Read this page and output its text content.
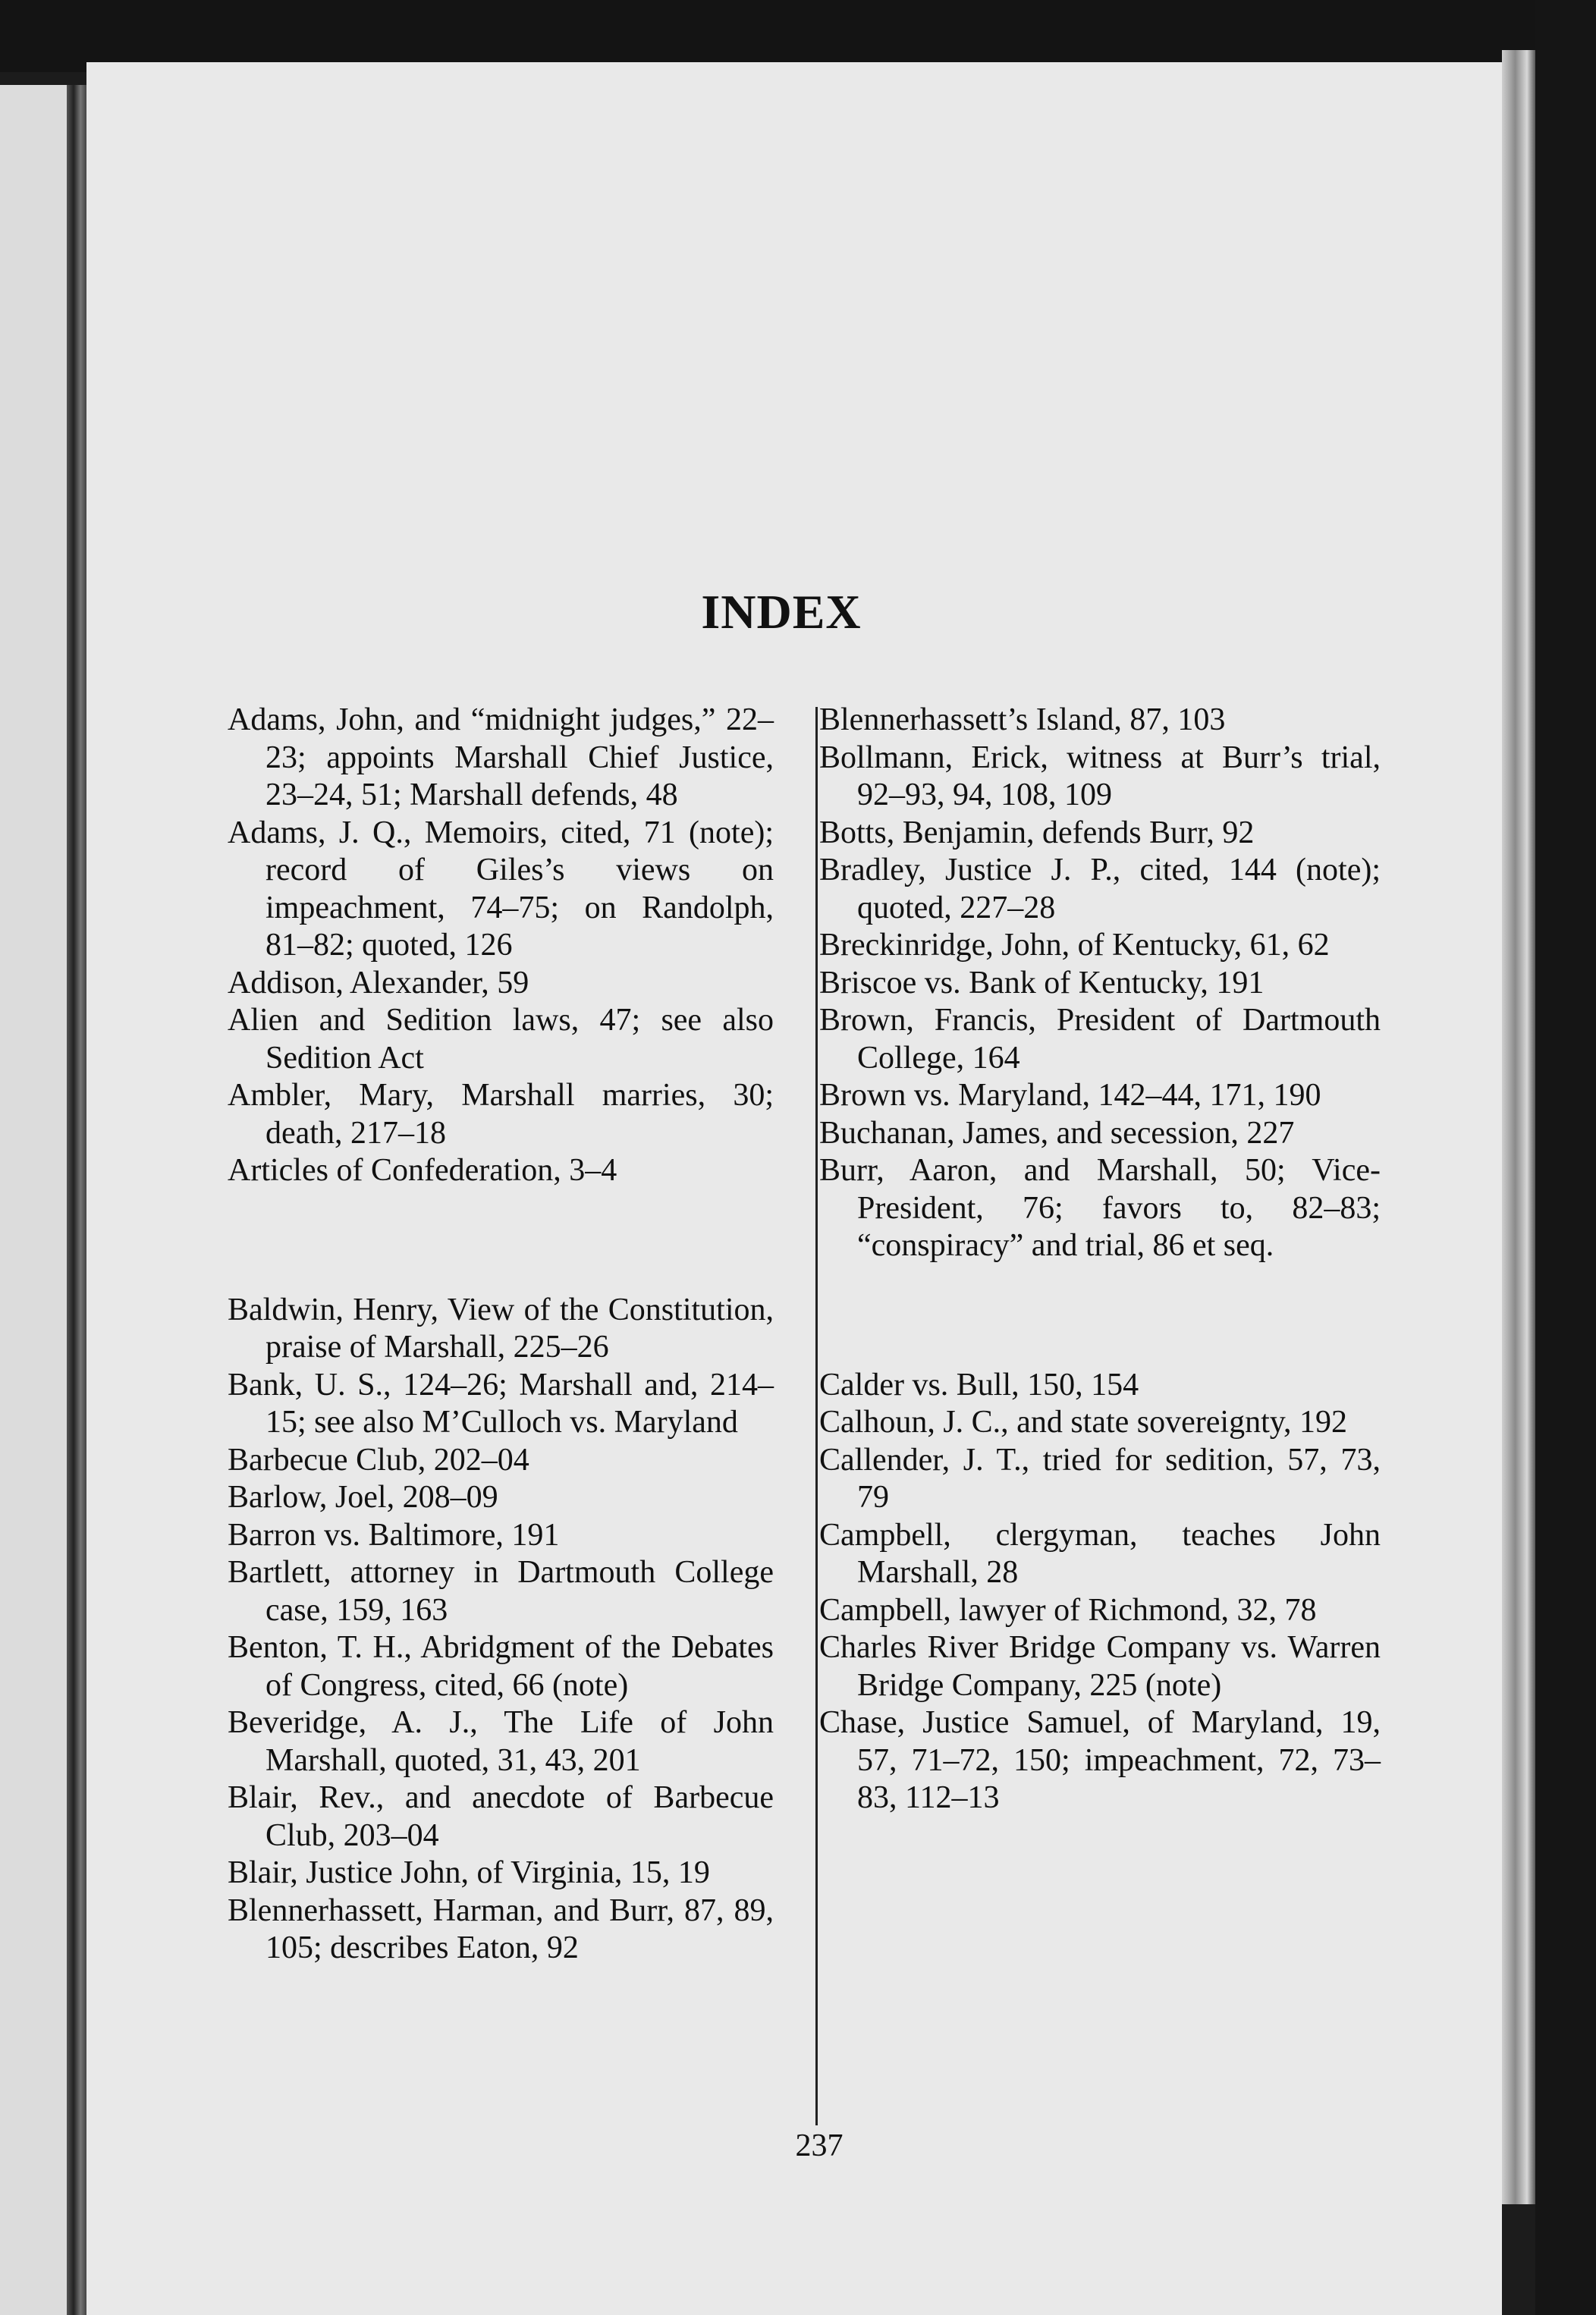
INDEX

Adams, John, and “midnight judges,” 22–23; appoints Marshall Chief Justice, 23–24, 51; Marshall defends, 48

Adams, J. Q., Memoirs, cited, 71 (note); record of Giles’s views on impeachment, 74–75; on Randolph, 81–82; quoted, 126

Addison, Alexander, 59

Alien and Sedition laws, 47; see also Sedition Act

Ambler, Mary, Marshall marries, 30; death, 217–18

Articles of Confederation, 3–4

Baldwin, Henry, View of the Constitution, praise of Marshall, 225–26

Bank, U. S., 124–26; Marshall and, 214–15; see also M’Culloch vs. Maryland

Barbecue Club, 202–04

Barlow, Joel, 208–09

Barron vs. Baltimore, 191

Bartlett, attorney in Dartmouth College case, 159, 163

Benton, T. H., Abridgment of the Debates of Congress, cited, 66 (note)

Beveridge, A. J., The Life of John Marshall, quoted, 31, 43, 201

Blair, Rev., and anecdote of Barbecue Club, 203–04

Blair, Justice John, of Virginia, 15, 19

Blennerhassett, Harman, and Burr, 87, 89, 105; describes Eaton, 92

Blennerhassett’s Island, 87, 103

Bollmann, Erick, witness at Burr’s trial, 92–93, 94, 108, 109

Botts, Benjamin, defends Burr, 92

Bradley, Justice J. P., cited, 144 (note); quoted, 227–28

Breckinridge, John, of Kentucky, 61, 62

Briscoe vs. Bank of Kentucky, 191

Brown, Francis, President of Dartmouth College, 164

Brown vs. Maryland, 142–44, 171, 190

Buchanan, James, and secession, 227

Burr, Aaron, and Marshall, 50; Vice-President, 76; favors to, 82–83; “conspiracy” and trial, 86 et seq.

Calder vs. Bull, 150, 154

Calhoun, J. C., and state sovereignty, 192

Callender, J. T., tried for sedition, 57, 73, 79

Campbell, clergyman, teaches John Marshall, 28

Campbell, lawyer of Richmond, 32, 78

Charles River Bridge Company vs. Warren Bridge Company, 225 (note)

Chase, Justice Samuel, of Maryland, 19, 57, 71–72, 150; impeachment, 72, 73–83, 112–13

237
